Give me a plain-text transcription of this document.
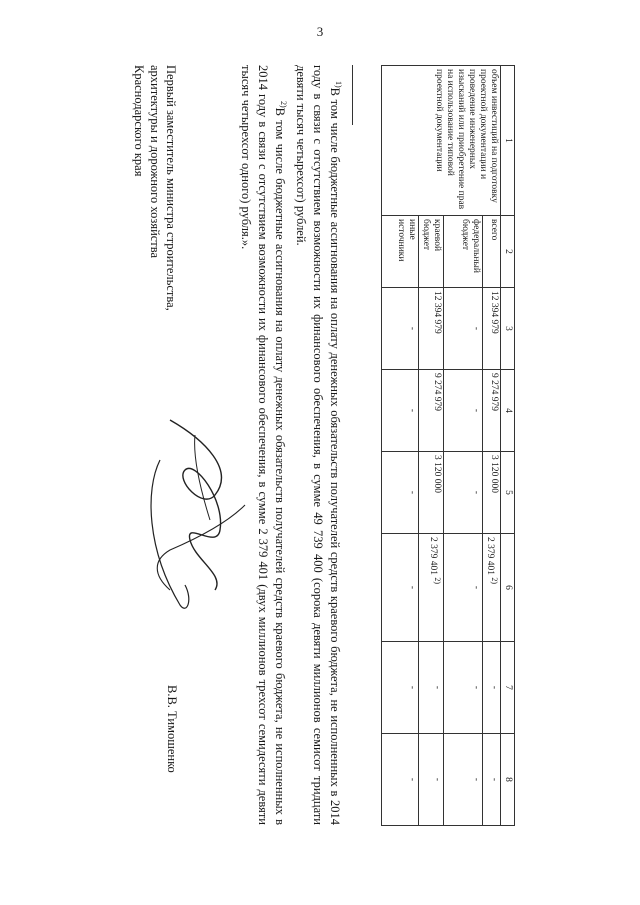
3
1	2	3	4	5	6	7	8
объем инвестиций на подготовку проектной документации и проведение инженерных изысканий или приобретение прав на использование типовой проектной документации	всего	12 394 979	9 274 979	3 120 000	2 379 401 $^{2)}$	-	-
	федеральный бюджет	-	-	-	-	-	-
	краевой бюджет	12 394 979	9 274 979	3 120 000	2 379 401 $^{2)}$	-	-
	иные источники	-	-	-	-	-	-

$^{1)}$В том числе бюджетные ассигнования на оплату денежных обязательств получателей средств краевого бюджета, не исполненных в 2014 году в связи с отсутствием возможности их финансового обеспечения, в сумме 49 739 400 (сорока девяти миллионов семисот тридцати девяти тысяч четырехсот) рублей.

$^{2)}$В том числе бюджетные ассигнования на оплату денежных обязательств получателей средств краевого бюджета, не исполненных в 2014 году в связи с отсутствием возможности их финансового обеспечения, в сумме 2 379 401 (двух миллионов трехсот семидесяти девяти тысяч четырехсот одного) рубля.».

Первый заместитель министра строительства,
архитектуры и дорожного хозяйства
Краснодарского края
В.В. Тимошенко
